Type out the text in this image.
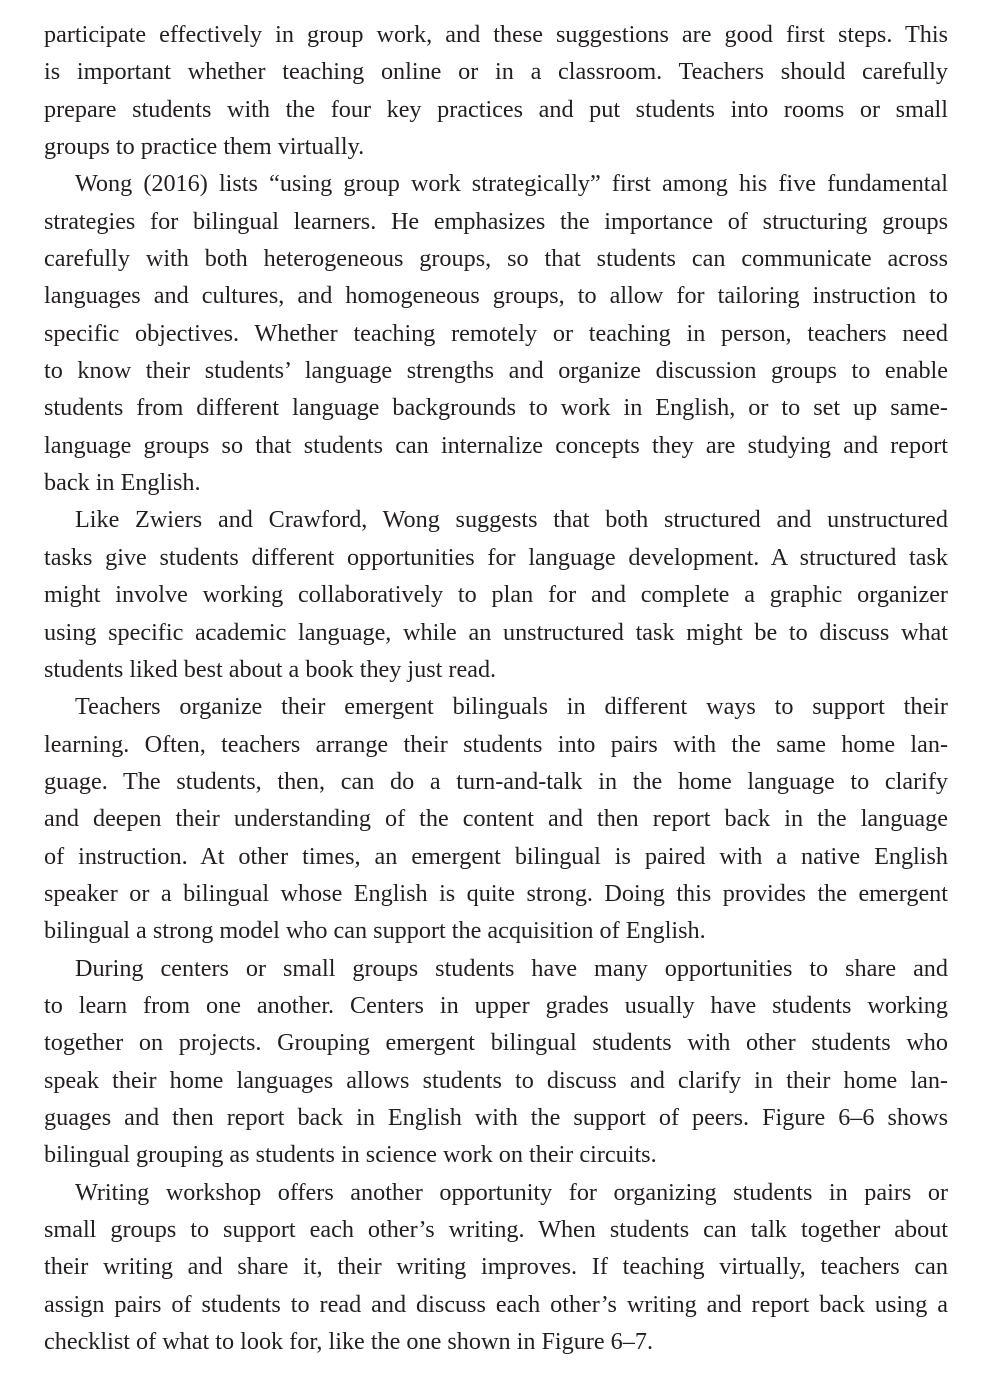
participate effectively in group work, and these suggestions are good first steps. This
is important whether teaching online or in a classroom. Teachers should carefully
prepare students with the four key practices and put students into rooms or small
groups to practice them virtually.
Wong (2016) lists “using group work strategically” first among his five fundamental
strategies for bilingual learners. He emphasizes the importance of structuring groups
carefully with both heterogeneous groups, so that students can communicate across
languages and cultures, and homogeneous groups, to allow for tailoring instruction to
specific objectives. Whether teaching remotely or teaching in person, teachers need
to know their students’ language strengths and organize discussion groups to enable
students from different language backgrounds to work in English, or to set up same-
language groups so that students can internalize concepts they are studying and report
back in English.
Like Zwiers and Crawford, Wong suggests that both structured and unstructured
tasks give students different opportunities for language development. A structured task
might involve working collaboratively to plan for and complete a graphic organizer
using specific academic language, while an unstructured task might be to discuss what
students liked best about a book they just read.
Teachers organize their emergent bilinguals in different ways to support their
learning. Often, teachers arrange their students into pairs with the same home lan-
guage. The students, then, can do a turn-and-talk in the home language to clarify
and deepen their understanding of the content and then report back in the language
of instruction. At other times, an emergent bilingual is paired with a native English
speaker or a bilingual whose English is quite strong. Doing this provides the emergent
bilingual a strong model who can support the acquisition of English.
During centers or small groups students have many opportunities to share and
to learn from one another. Centers in upper grades usually have students working
together on projects. Grouping emergent bilingual students with other students who
speak their home languages allows students to discuss and clarify in their home lan-
guages and then report back in English with the support of peers. Figure 6–6 shows
bilingual grouping as students in science work on their circuits.
Writing workshop offers another opportunity for organizing students in pairs or
small groups to support each other’s writing. When students can talk together about
their writing and share it, their writing improves. If teaching virtually, teachers can
assign pairs of students to read and discuss each other’s writing and report back using a
checklist of what to look for, like the one shown in Figure 6–7.
